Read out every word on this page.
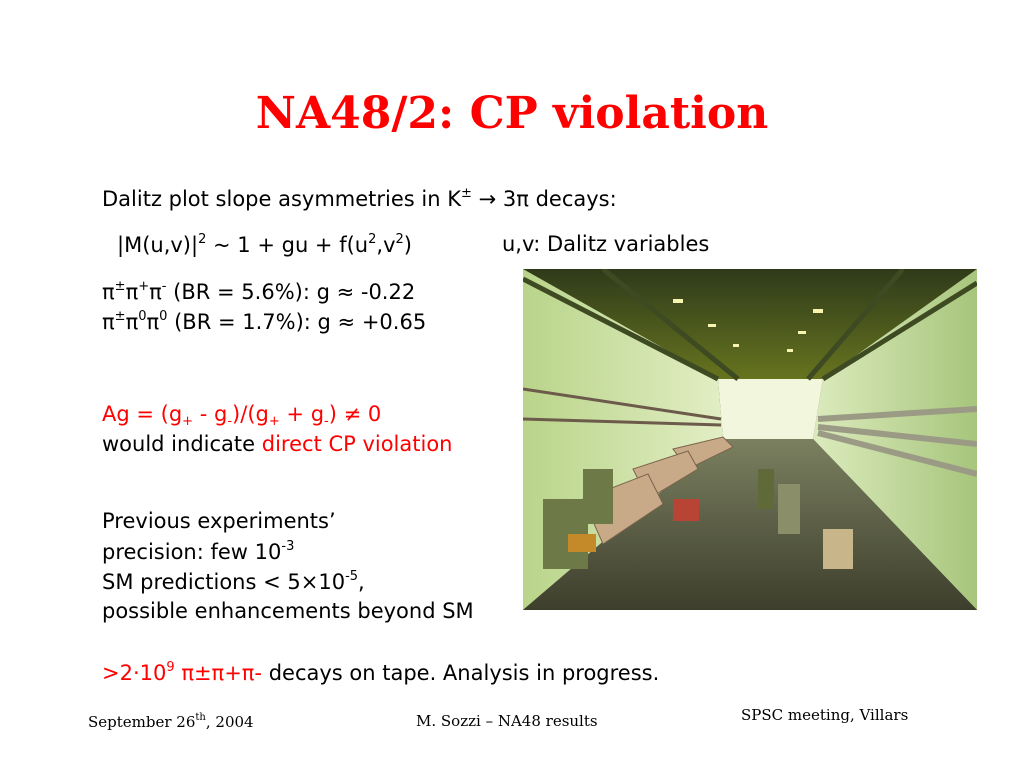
NA48/2: CP violation
Dalitz plot slope asymmetries in K± → 3π decays:
$|M(u,v)|^2$ ~ 1 + gu + $f(u^2,v^2)$	u,v: Dalitz variables
π±π+π- (BR = 5.6%): g ≈ -0.22
$\pi^\pm\pi^0\pi^0$ (BR = 1.7%): g ≈ +0.65
$Ag = (g_+ - g_-)/(g_+ + g_-) \ne 0$
would indicate direct CP violation
Previous experiments’
precision: few $10^{-3}$
SM predictions < $5\times 10^{-5}$,
possible enhancements beyond SM
$>2\cdot 10^9$ π±π+π- decays on tape. Analysis in progress.
September 26th, 2004	M. Sozzi – NA48 results	SPSC meeting, Villars
